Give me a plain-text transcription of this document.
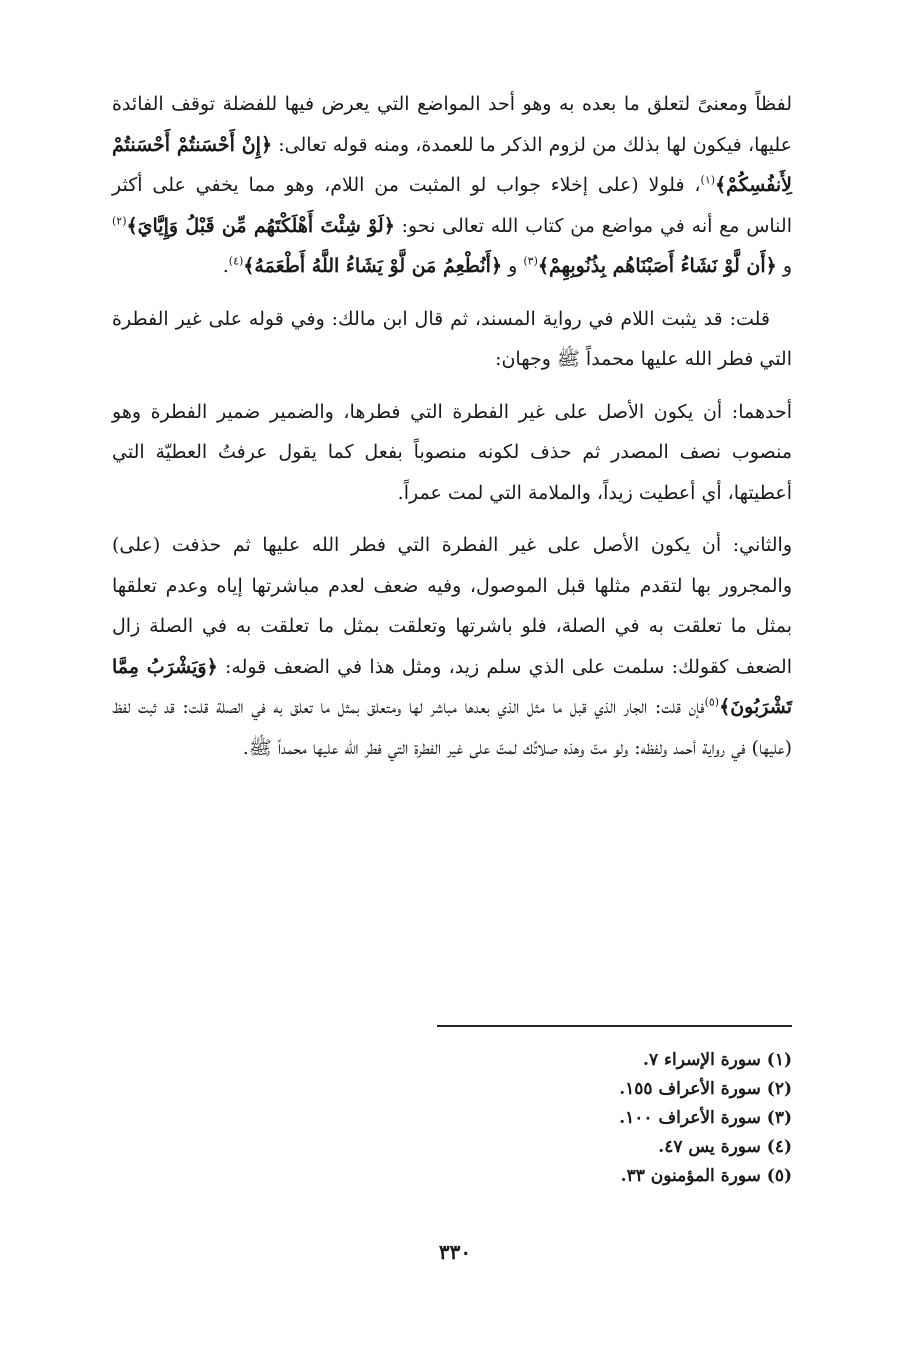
لفظاً ومعنىً لتعلق ما بعده به وهو أحد المواضع التي يعرض فيها للفضلة توقف الفائدة عليها، فيكون لها بذلك من لزوم الذكر ما للعمدة، ومنه قوله تعالى: ﴿إِنْ أَحْسَنتُمْ أَحْسَنتُمْ لِأَنفُسِكُمْ﴾$^{(١)}$، فلولا (على إخلاء جواب لو المثبت من اللام، وهو مما يخفي على أكثر الناس مع أنه في مواضع من كتاب الله تعالى نحو: ﴿لَوْ شِئْتَ أَهْلَكْتَهُم مِّن قَبْلُ وَإِيَّايَ﴾$^{(٢)}$ و ﴿أَن لَّوْ نَشَاءُ أَصَبْنَاهُم بِذُنُوبِهِمْ﴾$^{(٣)}$ و ﴿أَنُطْعِمُ مَن لَّوْ يَشَاءُ اللَّهُ أَطْعَمَهُ﴾$^{(٤)}$.

قلت: قد يثبت اللام في رواية المسند، ثم قال ابن مالك: وفي قوله على غير الفطرة التي فطر الله عليها محمداً ﷺ وجهان:

أحدهما: أن يكون الأصل على غير الفطرة التي فطرها، والضمير ضمير الفطرة وهو منصوب نصف المصدر ثم حذف لكونه منصوباً بفعل كما يقول عرفتُ العطيّة التي أعطيتها، أي أعطيت زيداً، والملامة التي لمت عمراً.

والثاني: أن يكون الأصل على غير الفطرة التي فطر الله عليها ثم حذفت (على) والمجرور بها لتقدم مثلها قبل الموصول، وفيه ضعف لعدم مباشرتها إياه وعدم تعلقها بمثل ما تعلقت به في الصلة، فلو باشرتها وتعلقت بمثل ما تعلقت به في الصلة زال الضعف كقولك: سلمت على الذي سلم زيد، ومثل هذا في الضعف قوله: ﴿وَيَشْرَبُ مِمَّا تَشْرَبُونَ﴾$^{(٥)}$فإن قلت: الجار الذي قبل ما مثل الذي بعدها مباشر لها ومتعلق بمثل ما تعلق به في الصلة قلت: قد ثبت لفظ (عليها) في رواية أحمد ولفظه: ولو متّ وهذه صلاتُك لمتّ على غير الفطرة التي فطر الله عليها محمداً ﷺ.

(١) سورة الإسراء ٧.
(٢) سورة الأعراف ١٥٥.
(٣) سورة الأعراف ١٠٠.
(٤) سورة يس ٤٧.
(٥) سورة المؤمنون ٣٣.
٣٣٠
